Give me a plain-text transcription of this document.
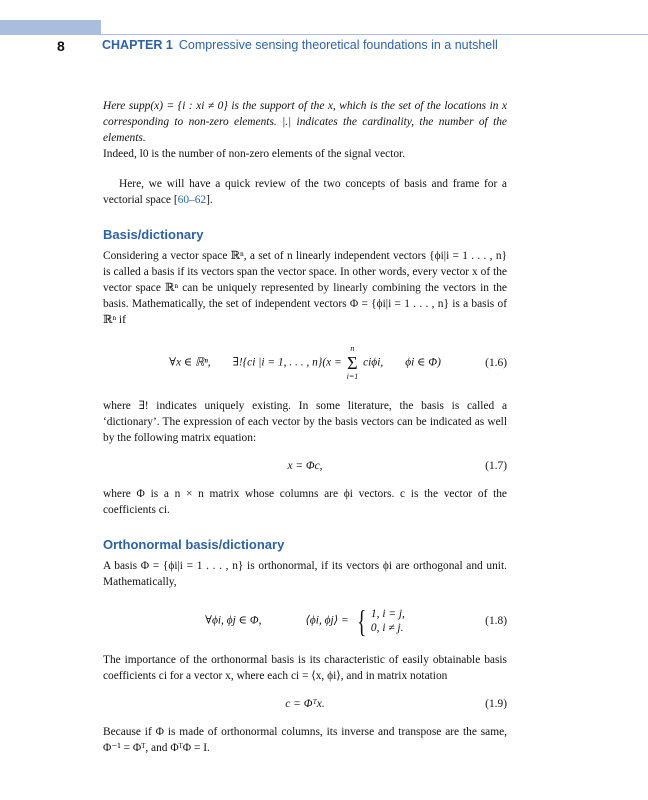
8	CHAPTER 1 Compressive sensing theoretical foundations in a nutshell

Here supp(x) = {i : xi ≠ 0} is the support of the x, which is the set of the locations in x corresponding to non-zero elements. |.| indicates the cardinality, the number of the elements.

Indeed, l0 is the number of non-zero elements of the signal vector.

Here, we will have a quick review of the two concepts of basis and frame for a vectorial space [60–62].

Basis/dictionary

Considering a vector space ℝⁿ, a set of n linearly independent vectors {ϕi|i = 1 . . . , n} is called a basis if its vectors span the vector space. In other words, every vector x of the vector space ℝⁿ can be uniquely represented by linearly combining the vectors in the basis. Mathematically, the set of independent vectors Φ = {ϕi|i = 1 . . . , n} is a basis of ℝⁿ if

∀x ∈ ℝⁿ, ∃!{ci |i = 1, . . . , n}(x =
n
Σ
i=1
ciϕi, ϕi ∈ Φ)	(1.6)

where ∃! indicates uniquely existing. In some literature, the basis is called a ‘dictionary’. The expression of each vector by the basis vectors can be indicated as well by the following matrix equation:

x = Φc,	(1.7)

where Φ is a n × n matrix whose columns are ϕi vectors. c is the vector of the coefficients ci.

Orthonormal basis/dictionary

A basis Φ = {ϕi|i = 1 . . . , n} is orthonormal, if its vectors ϕi are orthogonal and unit. Mathematically,

∀ϕi, ϕj ∈ Φ,	⟨ϕi, ϕj⟩ = { 1, i = j,
0, i ≠ j.
(1.8)

The importance of the orthonormal basis is its characteristic of easily obtainable basis coefficients ci for a vector x, where each ci = ⟨x, ϕi⟩, and in matrix notation

c = Φᵀx.	(1.9)

Because if Φ is made of orthonormal columns, its inverse and transpose are the same, Φ⁻¹ = Φᵀ, and ΦᵀΦ = I.
